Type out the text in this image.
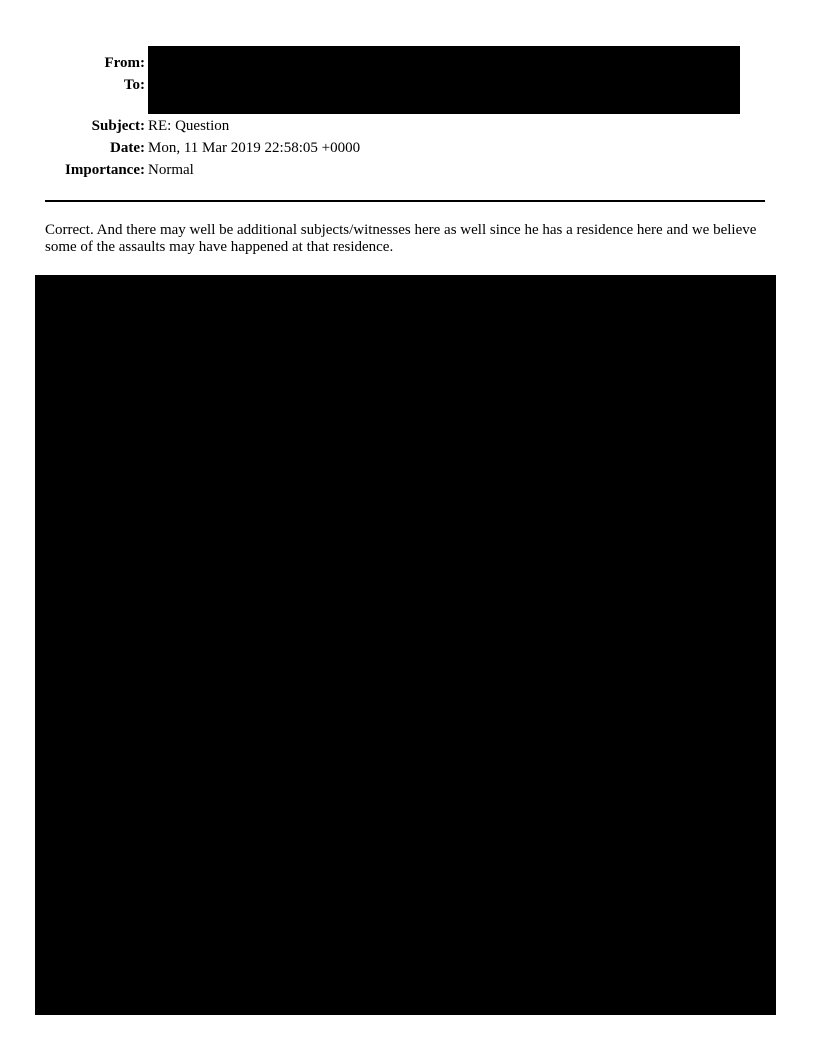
From:
To:
Subject: RE: Question
Date: Mon, 11 Mar 2019 22:58:05 +0000
Importance: Normal
Correct. And there may well be additional subjects/witnesses here as well since he has a residence here and we believe some of the assaults may have happened at that residence.
